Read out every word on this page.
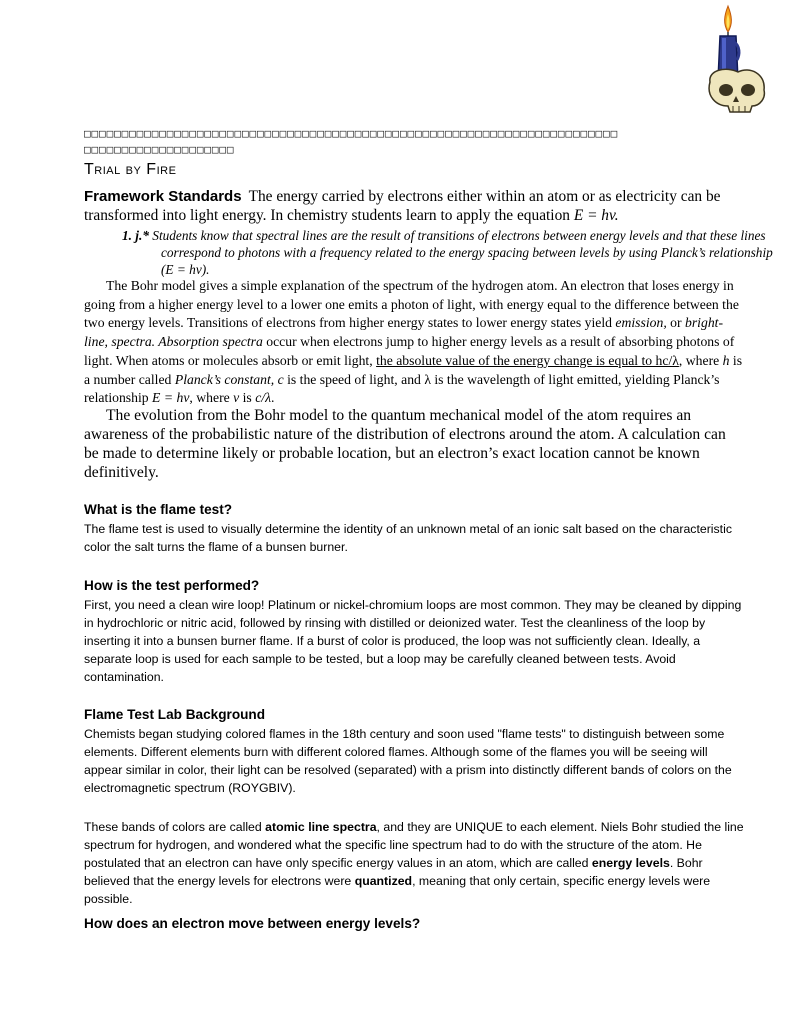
□□□□□□□□□□□□□□□□□□□□□□□□□□□□□□□□□□□□□□□□□□□□□□□□□□□□□□□□□□□□□□□□□□□□□□□
□□□□□□□□□□□□□□□□□□□□
Trial by Fire
Framework Standards The energy carried by electrons either within an atom or as electricity can be transformed into light energy. In chemistry students learn to apply the equation E = hv.
1. j.* Students know that spectral lines are the result of transitions of electrons between energy levels and that these lines correspond to photons with a frequency related to the energy spacing between levels by using Planck’s relationship (E = hv).
The Bohr model gives a simple explanation of the spectrum of the hydrogen atom. An electron that loses energy in going from a higher energy level to a lower one emits a photon of light, with energy equal to the difference between the two energy levels. Transitions of electrons from higher energy states to lower energy states yield emission, or bright-line, spectra. Absorption spectra occur when electrons jump to higher energy levels as a result of absorbing photons of light. When atoms or molecules absorb or emit light, the absolute value of the energy change is equal to hc/λ, where h is a number called Planck’s constant, c is the speed of light, and λ is the wavelength of light emitted, yielding Planck’s relationship E = hv, where v is c/λ.
The evolution from the Bohr model to the quantum mechanical model of the atom requires an awareness of the probabilistic nature of the distribution of electrons around the atom. A calculation can be made to determine likely or probable location, but an electron’s exact location cannot be known definitively.
What is the flame test?
The flame test is used to visually determine the identity of an unknown metal of an ionic salt based on the characteristic color the salt turns the flame of a bunsen burner.
How is the test performed?
First, you need a clean wire loop! Platinum or nickel-chromium loops are most common. They may be cleaned by dipping in hydrochloric or nitric acid, followed by rinsing with distilled or deionized water. Test the cleanliness of the loop by inserting it into a bunsen burner flame. If a burst of color is produced, the loop was not sufficiently clean. Ideally, a separate loop is used for each sample to be tested, but a loop may be carefully cleaned between tests. Avoid contamination.
Flame Test Lab Background
Chemists began studying colored flames in the 18th century and soon used "flame tests" to distinguish between some elements. Different elements burn with different colored flames. Although some of the flames you will be seeing will appear similar in color, their light can be resolved (separated) with a prism into distinctly different bands of colors on the electromagnetic spectrum (ROYGBIV).
These bands of colors are called atomic line spectra, and they are UNIQUE to each element. Niels Bohr studied the line spectrum for hydrogen, and wondered what the specific line spectrum had to do with the structure of the atom. He postulated that an electron can have only specific energy values in an atom, which are called energy levels. Bohr believed that the energy levels for electrons were quantized, meaning that only certain, specific energy levels were possible.
How does an electron move between energy levels?
